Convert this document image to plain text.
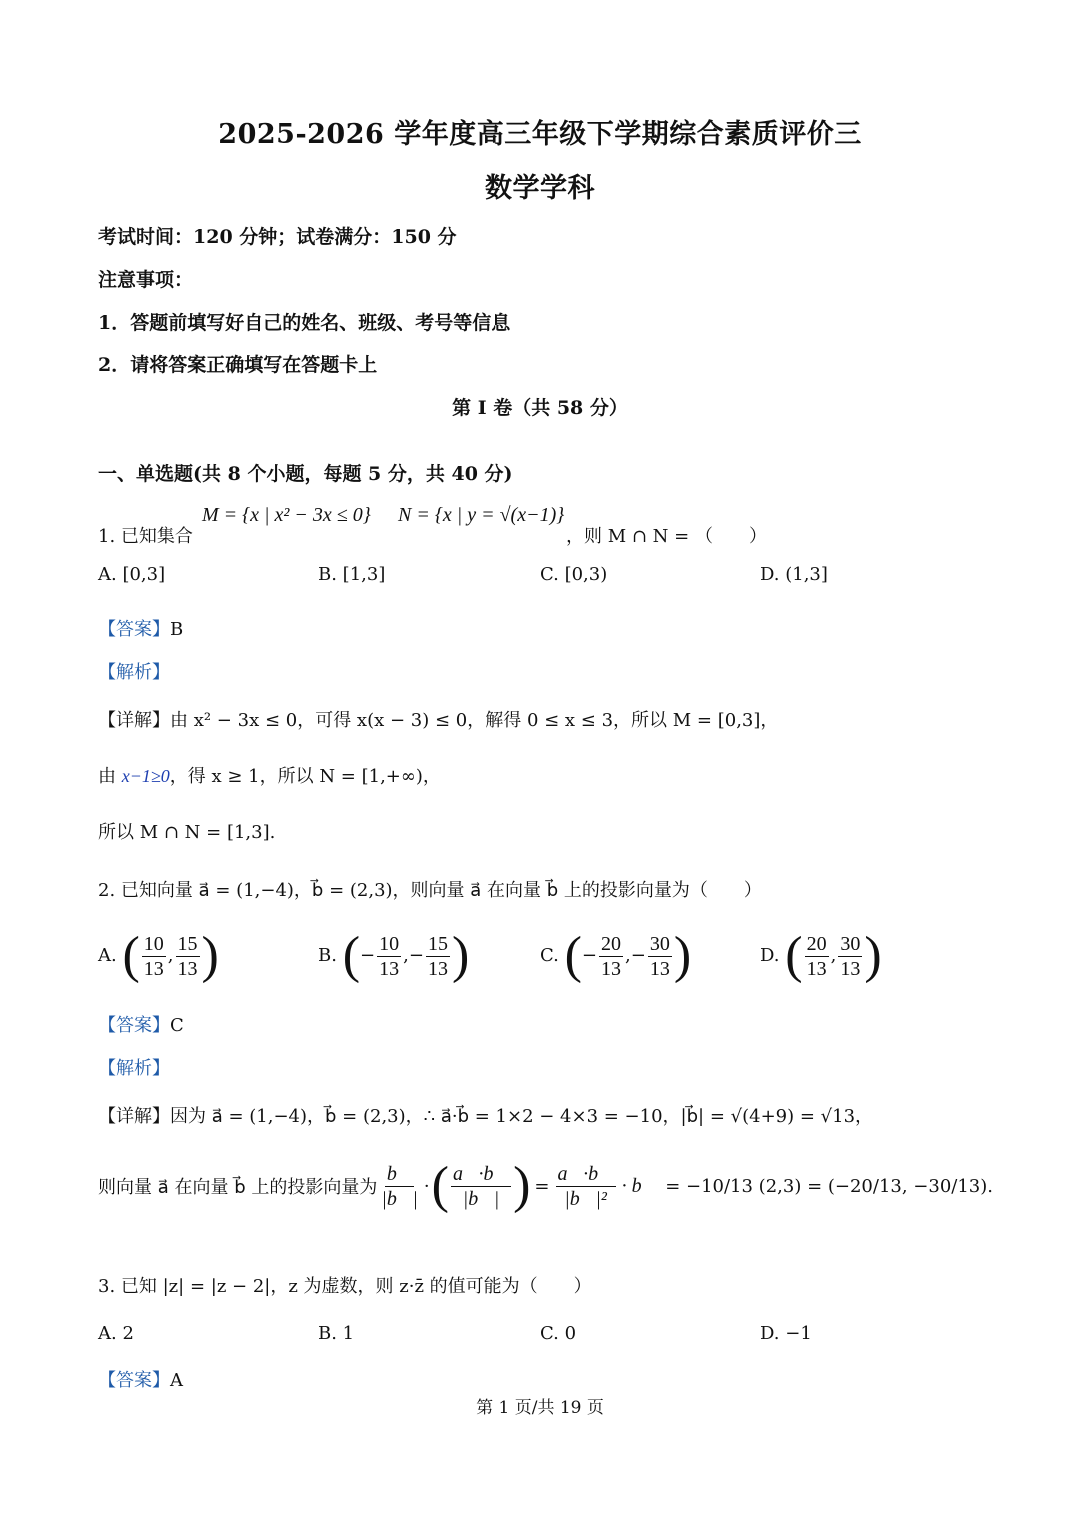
2025-2026 学年度高三年级下学期综合素质评价三
数学学科
考试时间：120 分钟；试卷满分：150 分
注意事项：
1．答题前填写好自己的姓名、班级、考号等信息
2．请将答案正确填写在答题卡上
第 I 卷（共 58 分）
一、单选题(共 8 个小题，每题 5 分，共 40 分)
1. 已知集合
M = {x | x² − 3x ≤ 0} N = {x | y = √(x−1)}
，则 M ∩ N = （　　）
A. [0,3]	B. [1,3]	C. [0,3)	D. (1,3]
【答案】B
【解析】
【详解】由 x² − 3x ≤ 0，可得 x(x − 3) ≤ 0，解得 0 ≤ x ≤ 3，所以 M = [0,3]，
由 x−1≥0，得 x ≥ 1，所以 N = [1,+∞)，
所以 M ∩ N = [1,3].
2. 已知向量 a⃗ = (1,−4)，b⃗ = (2,3)，则向量 a⃗ 在向量 b⃗ 上的投影向量为（　　）
A. ( $\frac{10}{13}$ , $\frac{15}{13}$ )	B. (− $\frac{10}{13}$ ,− $\frac{15}{13}$ )	C. (− $\frac{20}{13}$ ,− $\frac{30}{13}$ )	D. ( $\frac{20}{13}$ , $\frac{30}{13}$ )
【答案】C
【解析】
【详解】因为 a⃗ = (1,−4)，b⃗ = (2,3)，∴ a⃗·b⃗ = 1×2 − 4×3 = −10，|b⃗| = √(4+9) = √13，
则向量 a⃗ 在向量 b⃗ 上的投影向量为 $\frac{b⃗}{|b⃗|}$ · ( $\frac{a⃗\cdot b⃗}{|b⃗|}$ ) = $\frac{a⃗\cdot b⃗}{\text{|b⃗|²}}$ · b⃗ = −10/13 (2,3) = (−20/13, −30/13).
3. 已知 |z| = |z − 2|，z 为虚数，则 z·z̄ 的值可能为（　　）
A. 2	B. 1	C. 0	D. −1
【答案】A
第 1 页/共 19 页
